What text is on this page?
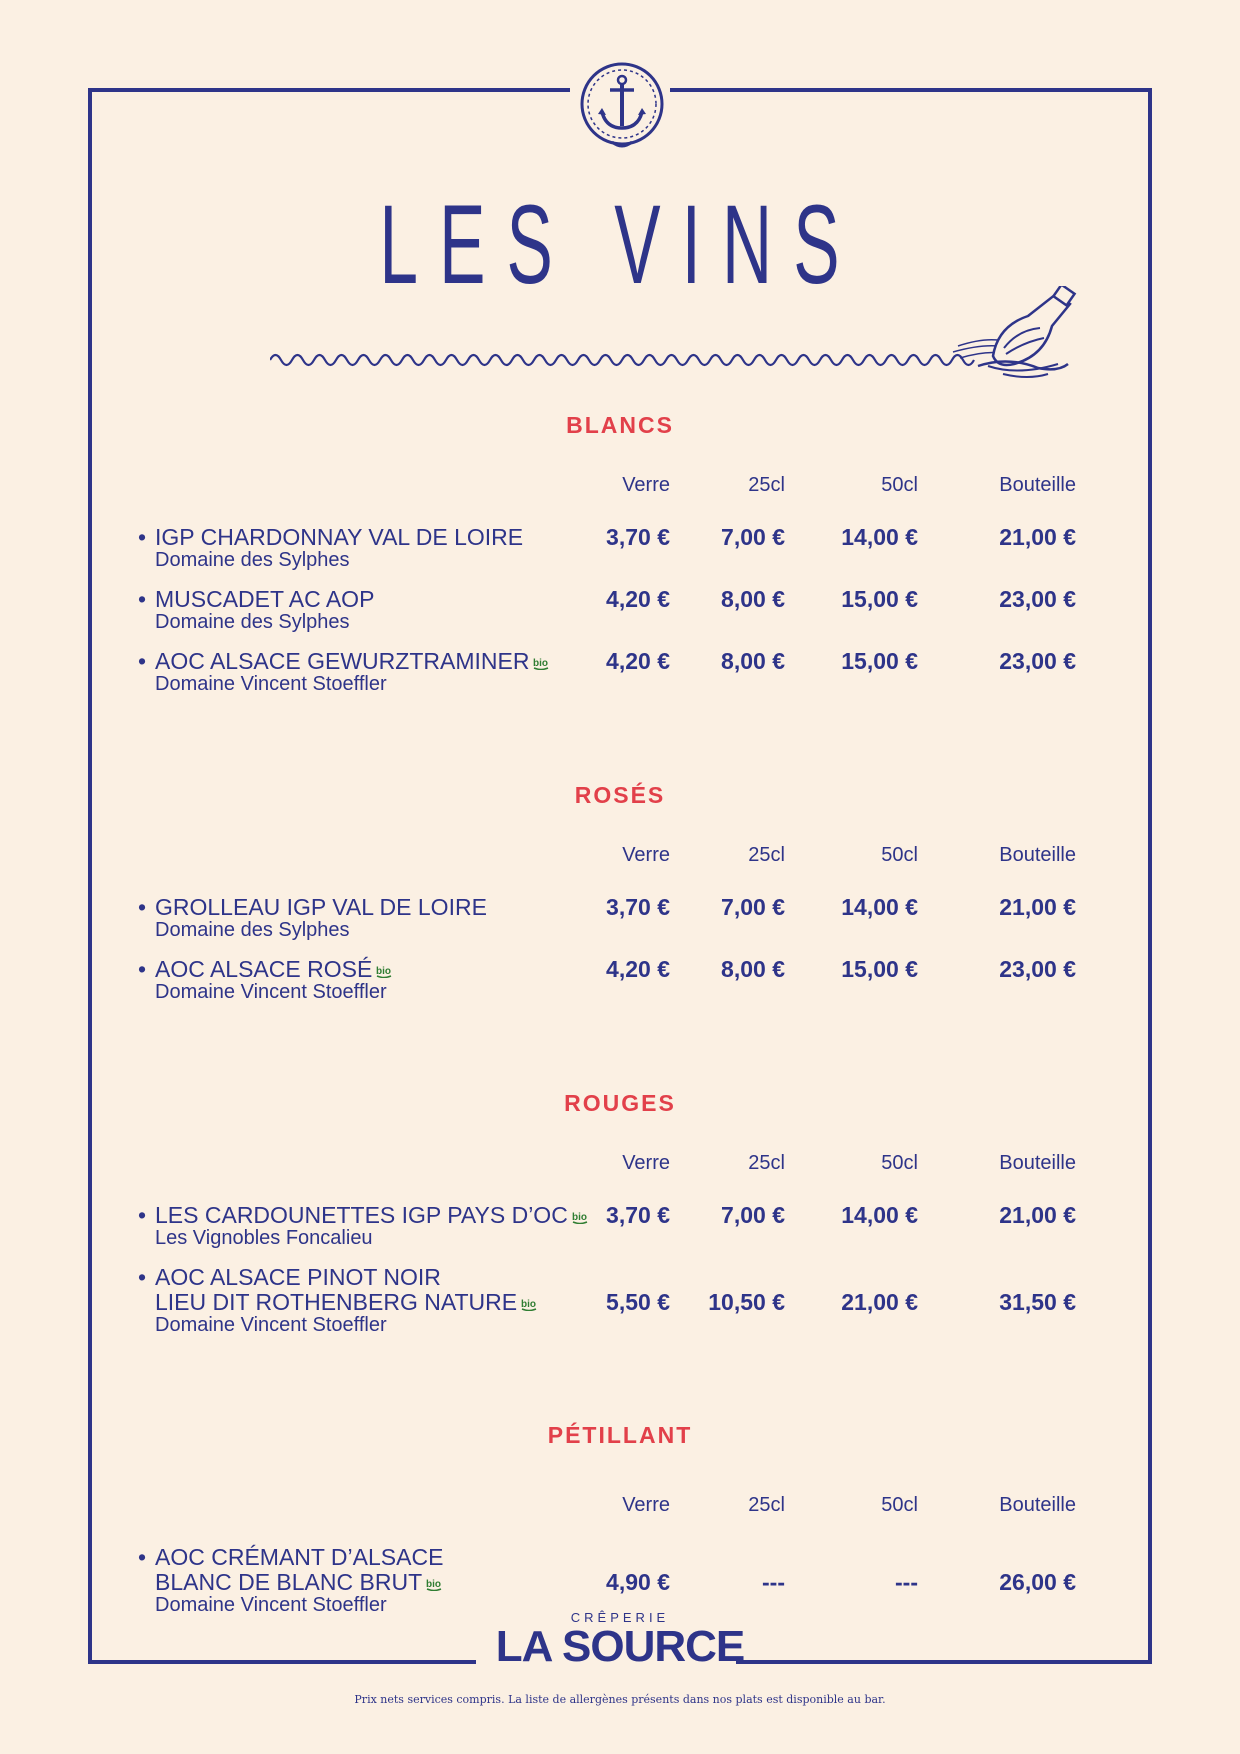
LES VINS
BLANCS
Verre	25cl	50cl	Bouteille
• IGP CHARDONNAY VAL DE LOIRE
Domaine des Sylphes
3,70 €	7,00 €	14,00 €	21,00 €
• MUSCADET AC AOP
Domaine des Sylphes
4,20 €	8,00 €	15,00 €	23,00 €
• AOC ALSACE GEWURZTRAMINER bio
Domaine Vincent Stoeffler
4,20 €	8,00 €	15,00 €	23,00 €
ROSÉS
Verre	25cl	50cl	Bouteille
• GROLLEAU IGP VAL DE LOIRE
Domaine des Sylphes
3,70 €	7,00 €	14,00 €	21,00 €
• AOC ALSACE ROSÉ bio
Domaine Vincent Stoeffler
4,20 €	8,00 €	15,00 €	23,00 €
ROUGES
Verre	25cl	50cl	Bouteille
• LES CARDOUNETTES IGP PAYS D’OC bio
Les Vignobles Foncalieu
3,70 €	7,00 €	14,00 €	21,00 €
• AOC ALSACE PINOT NOIR
LIEU DIT ROTHENBERG NATURE bio
Domaine Vincent Stoeffler
5,50 €	10,50 €	21,00 €	31,50 €
PÉTILLANT
Verre	25cl	50cl	Bouteille
• AOC CRÉMANT D’ALSACE
BLANC DE BLANC BRUT bio
Domaine Vincent Stoeffler
4,90 €	---	---	26,00 €
CRÊPERIE
LA SOURCE
Prix nets services compris. La liste de allergènes présents dans nos plats est disponible au bar.
